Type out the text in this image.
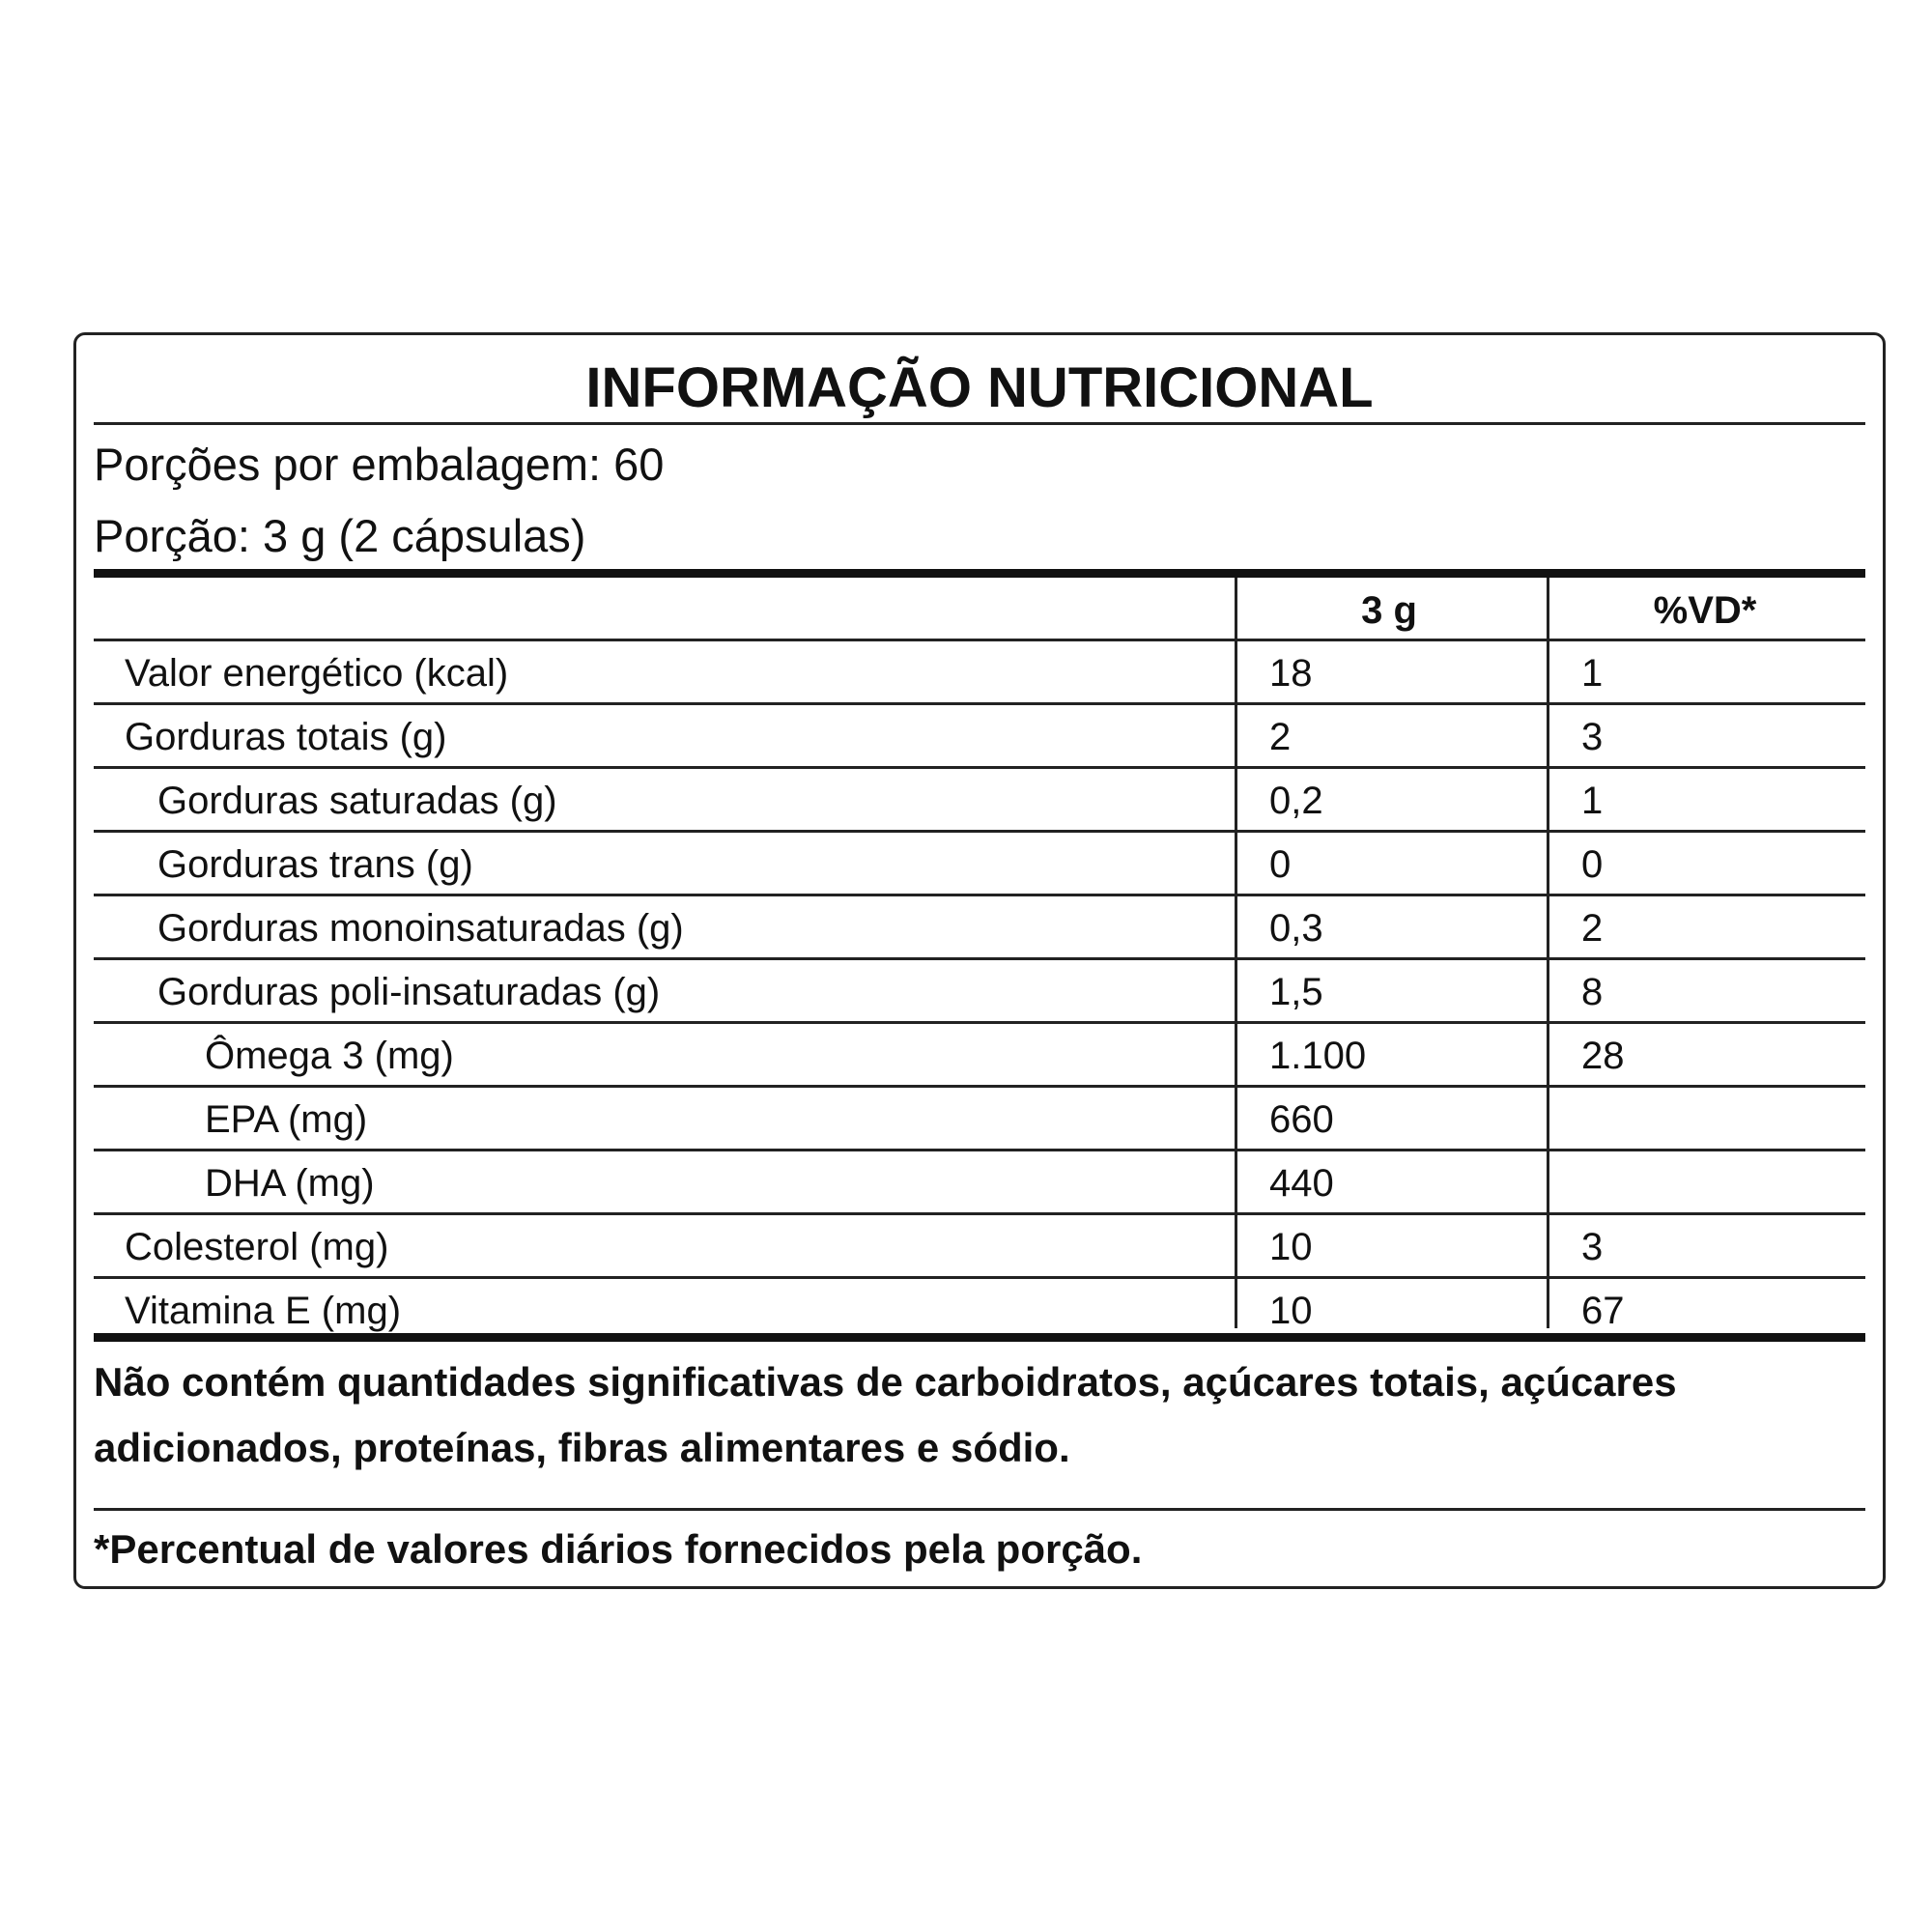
INFORMAÇÃO NUTRICIONAL
Porções por embalagem: 60
Porção: 3 g (2 cápsulas)
3 g	%VD*
Valor energético (kcal)	18	1
Gorduras totais (g)	2	3
Gorduras saturadas (g)	0,2	1
Gorduras trans (g)	0	0
Gorduras monoinsaturadas (g)	0,3	2
Gorduras poli-insaturadas (g)	1,5	8
Ômega 3 (mg)	1.100	28
EPA (mg)	660
DHA (mg)	440
Colesterol (mg)	10	3
Vitamina E (mg)	10	67
Não contém quantidades significativas de carboidratos, açúcares totais, açúcares adicionados, proteínas, fibras alimentares e sódio.
*Percentual de valores diários fornecidos pela porção.
